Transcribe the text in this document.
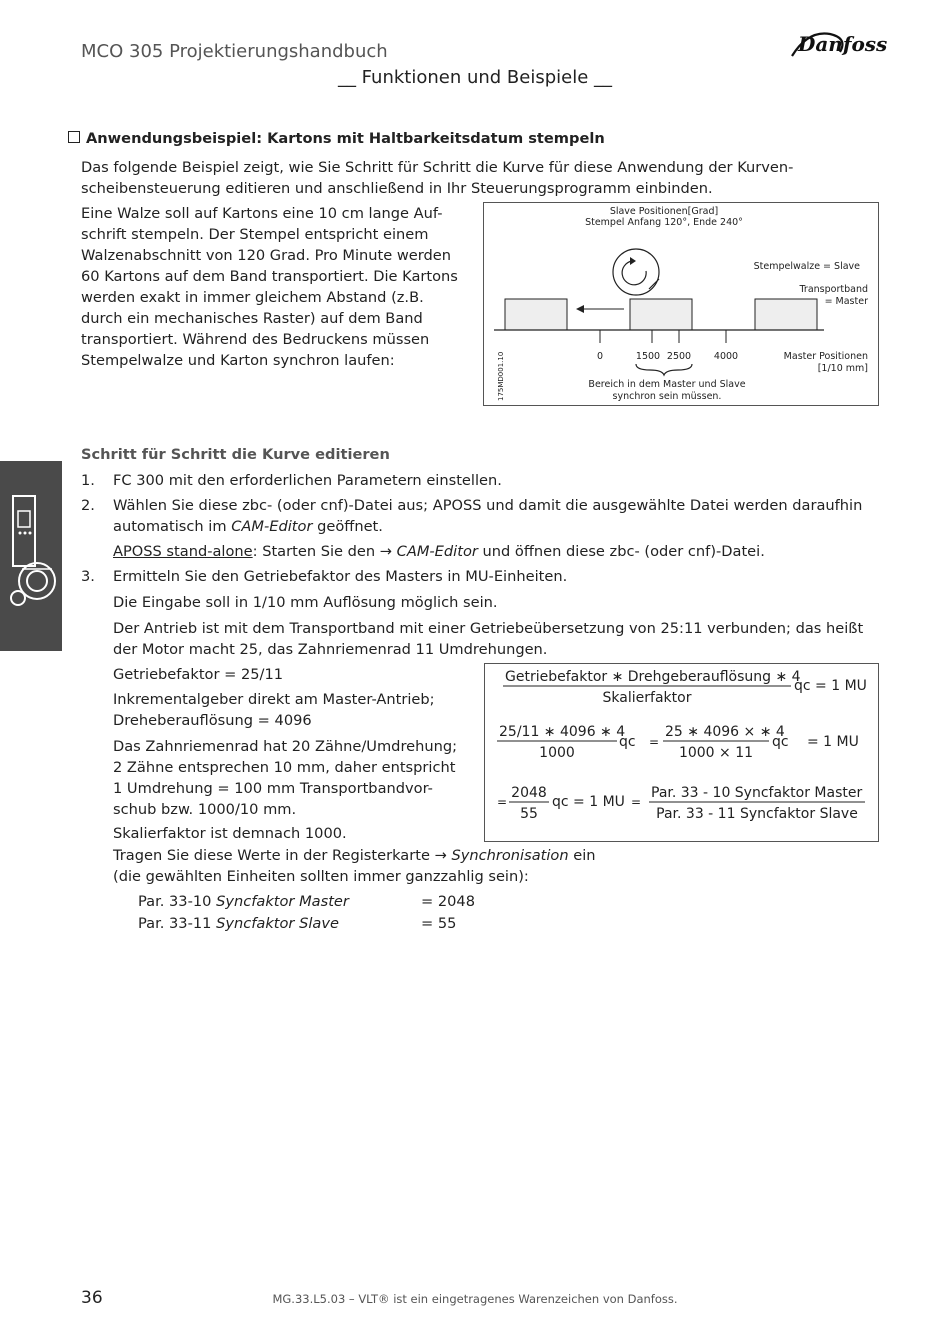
MCO 305 Projektierungshandbuch
__ Funktionen und Beispiele __
Danfoss
Anwendungsbeispiel: Kartons mit Haltbarkeitsdatum stempeln
Das folgende Beispiel zeigt, wie Sie Schritt für Schritt die Kurve für diese Anwendung der Kurven-
scheibensteuerung editieren und anschließend in Ihr Steuerungsprogramm einbinden.
Eine Walze soll auf Kartons eine 10 cm lange Auf-
schrift stempeln. Der Stempel entspricht einem
Walzenabschnitt von 120 Grad. Pro Minute werden
60 Kartons auf dem Band transportiert. Die Kartons
werden exakt in immer gleichem Abstand (z.B.
durch ein mechanisches Raster) auf dem Band
transportiert. Während des Bedruckens müssen
Stempelwalze und Karton synchron laufen:
Slave Positionen[Grad]
Stempel Anfang 120°, Ende 240°
Stempelwalze = Slave
Transportband
= Master
0	1500 2500 4000	Master Positionen
[1/10 mm]
Bereich in dem Master und Slave
synchron sein müssen.
175MD001.10
Schritt für Schritt die Kurve editieren
1. FC 300 mit den erforderlichen Parametern einstellen.
2. Wählen Sie diese zbc- (oder cnf)-Datei aus; APOSS und damit die ausgewählte Datei werden daraufhin
automatisch im CAM-Editor geöffnet.
APOSS stand-alone: Starten Sie den → CAM-Editor und öffnen diese zbc- (oder cnf)-Datei.
3. Ermitteln Sie den Getriebefaktor des Masters in MU-Einheiten.
Die Eingabe soll in 1/10 mm Auflösung möglich sein.
Der Antrieb ist mit dem Transportband mit einer Getriebeübersetzung von 25:11 verbunden; das heißt
der Motor macht 25, das Zahnriemenrad 11 Umdrehungen.
Getriebefaktor = 25/11
Inkrementalgeber direkt am Master-Antrieb;
Dreheberauflösung = 4096
Das Zahnriemenrad hat 20 Zähne/Umdrehung;
2 Zähne entsprechen 10 mm, daher entspricht
1 Umdrehung = 100 mm Transportbandvor-
schub bzw. 1000/10 mm.
Skalierfaktor ist demnach 1000.
Tragen Sie diese Werte in der Registerkarte → Synchronisation ein
(die gewählten Einheiten sollten immer ganzzahlig sein):
Par. 33-10 Syncfaktor Master	= 2048
Par. 33-11 Syncfaktor Slave	= 55
Getriebefaktor ∗ Drehgeberauflösung ∗ 4
Skalierfaktor
qc = 1 MU
25/11 ∗ 4096 ∗ 4
1000
qc =
25 ∗ 4096 × ∗ 4
1000 × 11
qc = 1 MU
=
2048
55
qc = 1 MU =
Par. 33 - 10 Syncfaktor Master
Par. 33 - 11 Syncfaktor Slave
36	MG.33.L5.03 – VLT® ist ein eingetragenes Warenzeichen von Danfoss.
